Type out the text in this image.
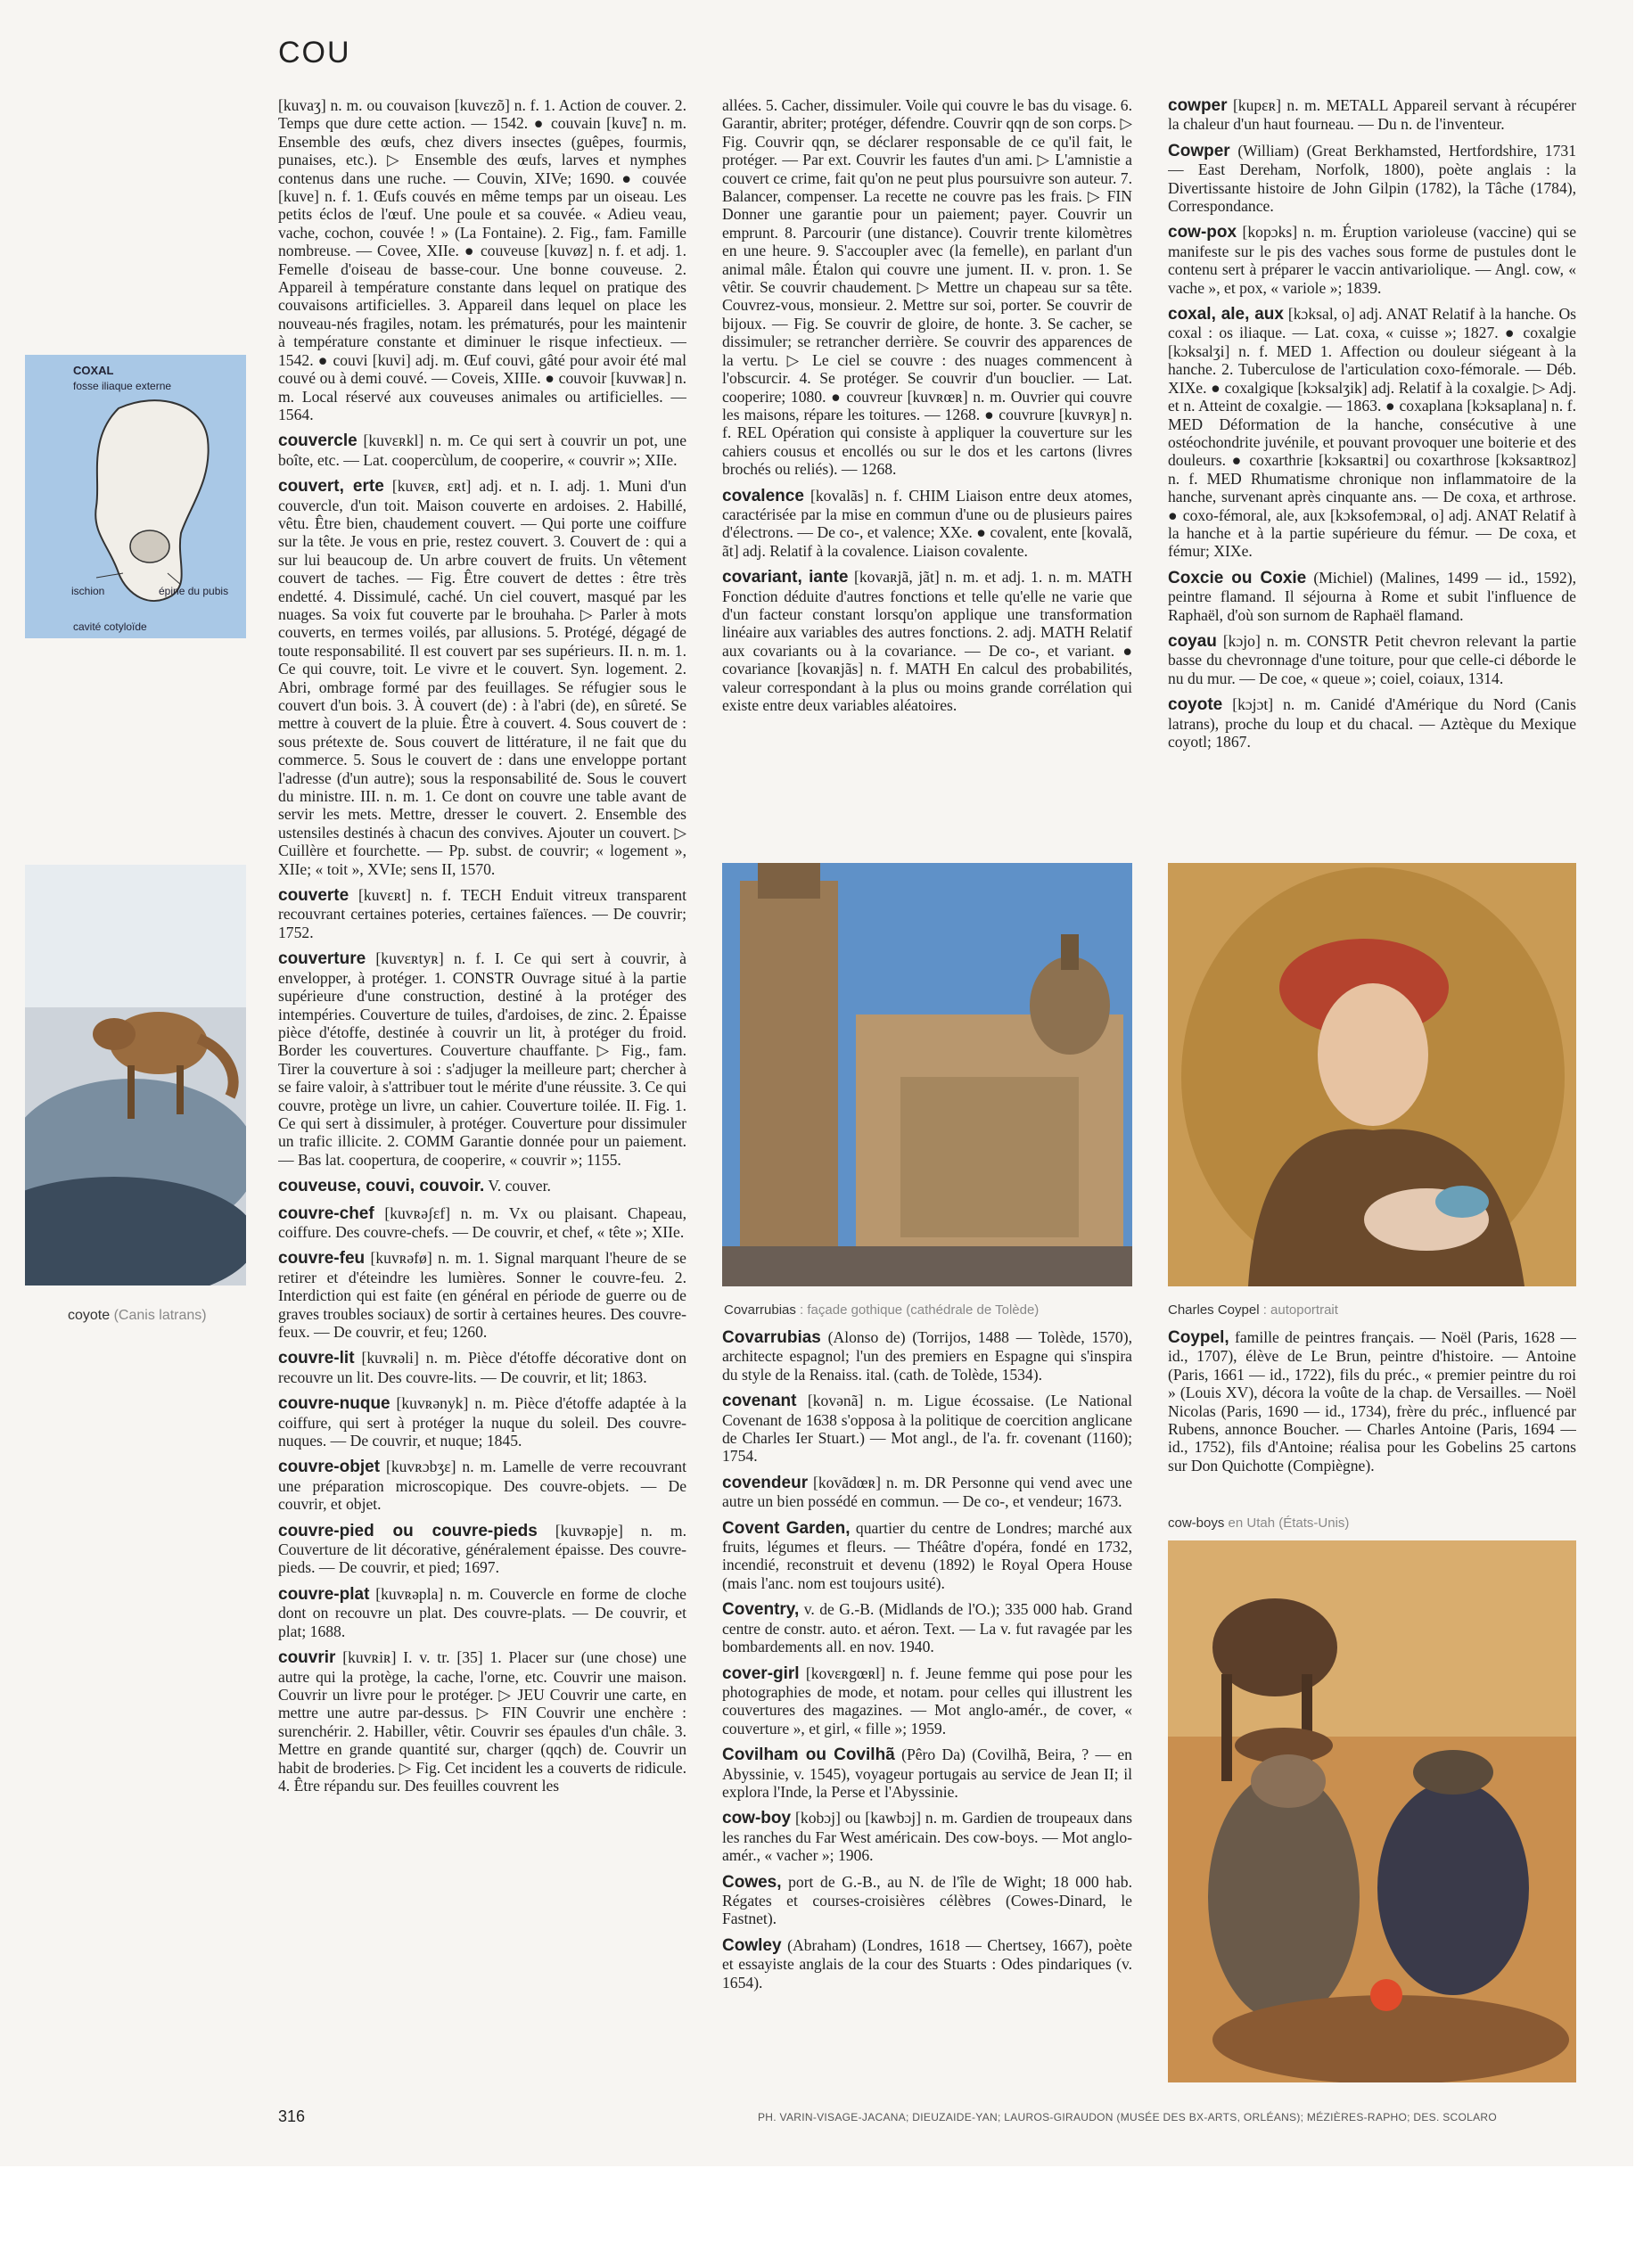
COU
COXAL
fosse iliaque externe
ischion	épine du pubis
cavité cotyloïde
coyote (Canis latrans)

[kuvaʒ] n. m. ou couvaison [kuvεzõ] n. f. 1. Action de couver. 2. Temps que dure cette action. — 1542. ● couvain [kuvε̃] n. m. Ensemble des œufs, chez divers insectes (guêpes, fourmis, punaises, etc.). ▷ Ensemble des œufs, larves et nymphes contenus dans une ruche. — Couvin, XIVe; 1690. ● couvée [kuve] n. f. 1. Œufs couvés en même temps par un oiseau. Les petits éclos de l'œuf. Une poule et sa couvée. « Adieu veau, vache, cochon, couvée ! » (La Fontaine). 2. Fig., fam. Famille nombreuse. — Covee, XIIe. ● couveuse [kuvøz] n. f. et adj. 1. Femelle d'oiseau de basse-cour. Une bonne couveuse. 2. Appareil à température constante dans lequel on pratique des couvaisons artificielles. 3. Appareil dans lequel on place les nouveau-nés fragiles, notam. les prématurés, pour les maintenir à température constante et diminuer le risque infectieux. — 1542. ● couvi [kuvi] adj. m. Œuf couvi, gâté pour avoir été mal couvé ou à demi couvé. — Coveis, XIIIe. ● couvoir [kuvwaʀ] n. m. Local réservé aux couveuses animales ou artificielles. — 1564.

couvercle [kuvεʀkl] n. m. Ce qui sert à couvrir un pot, une boîte, etc. — Lat. coopercùlum, de cooperire, « couvrir »; XIIe.

couvert, erte [kuvεʀ, εʀt] adj. et n. I. adj. 1. Muni d'un couvercle, d'un toit. Maison couverte en ardoises. 2. Habillé, vêtu. Être bien, chaudement couvert. — Qui porte une coiffure sur la tête. Je vous en prie, restez couvert. 3. Couvert de : qui a sur lui beaucoup de. Un arbre couvert de fruits. Un vêtement couvert de taches. — Fig. Être couvert de dettes : être très endetté. 4. Dissimulé, caché. Un ciel couvert, masqué par les nuages. Sa voix fut couverte par le brouhaha. ▷ Parler à mots couverts, en termes voilés, par allusions. 5. Protégé, dégagé de toute responsabilité. Il est couvert par ses supérieurs. II. n. m. 1. Ce qui couvre, toit. Le vivre et le couvert. Syn. logement. 2. Abri, ombrage formé par des feuillages. Se réfugier sous le couvert d'un bois. 3. À couvert (de) : à l'abri (de), en sûreté. Se mettre à couvert de la pluie. Être à couvert. 4. Sous couvert de : sous prétexte de. Sous couvert de littérature, il ne fait que du commerce. 5. Sous le couvert de : dans une enveloppe portant l'adresse (d'un autre); sous la responsabilité de. Sous le couvert du ministre. III. n. m. 1. Ce dont on couvre une table avant de servir les mets. Mettre, dresser le couvert. 2. Ensemble des ustensiles destinés à chacun des convives. Ajouter un couvert. ▷ Cuillère et fourchette. — Pp. subst. de couvrir; « logement », XIIe; « toit », XVIe; sens II, 1570.

couverte [kuvεʀt] n. f. TECH Enduit vitreux transparent recouvrant certaines poteries, certaines faïences. — De couvrir; 1752.

couverture [kuvεʀtyʀ] n. f. I. Ce qui sert à couvrir, à envelopper, à protéger. 1. CONSTR Ouvrage situé à la partie supérieure d'une construction, destiné à la protéger des intempéries. Couverture de tuiles, d'ardoises, de zinc. 2. Épaisse pièce d'étoffe, destinée à couvrir un lit, à protéger du froid. Border les couvertures. Couverture chauffante. ▷ Fig., fam. Tirer la couverture à soi : s'adjuger la meilleure part; chercher à se faire valoir, à s'attribuer tout le mérite d'une réussite. 3. Ce qui couvre, protège un livre, un cahier. Couverture toilée. II. Fig. 1. Ce qui sert à dissimuler, à protéger. Couverture pour dissimuler un trafic illicite. 2. COMM Garantie donnée pour un paiement. — Bas lat. coopertura, de cooperire, « couvrir »; 1155.

couveuse, couvi, couvoir. V. couver.

couvre-chef [kuvʀəʃεf] n. m. Vx ou plaisant. Chapeau, coiffure. Des couvre-chefs. — De couvrir, et chef, « tête »; XIIe.

couvre-feu [kuvʀəfø] n. m. 1. Signal marquant l'heure de se retirer et d'éteindre les lumières. Sonner le couvre-feu. 2. Interdiction qui est faite (en général en période de guerre ou de graves troubles sociaux) de sortir à certaines heures. Des couvre-feux. — De couvrir, et feu; 1260.

couvre-lit [kuvʀəli] n. m. Pièce d'étoffe décorative dont on recouvre un lit. Des couvre-lits. — De couvrir, et lit; 1863.

couvre-nuque [kuvʀənyk] n. m. Pièce d'étoffe adaptée à la coiffure, qui sert à protéger la nuque du soleil. Des couvre-nuques. — De couvrir, et nuque; 1845.

couvre-objet [kuvʀɔbʒε] n. m. Lamelle de verre recouvrant une préparation microscopique. Des couvre-objets. — De couvrir, et objet.

couvre-pied ou couvre-pieds [kuvʀəpje] n. m. Couverture de lit décorative, généralement épaisse. Des couvre-pieds. — De couvrir, et pied; 1697.

couvre-plat [kuvʀəpla] n. m. Couvercle en forme de cloche dont on recouvre un plat. Des couvre-plats. — De couvrir, et plat; 1688.

couvrir [kuvʀiʀ] I. v. tr. [35] 1. Placer sur (une chose) une autre qui la protège, la cache, l'orne, etc. Couvrir une maison. Couvrir un livre pour le protéger. ▷ JEU Couvrir une carte, en mettre une autre par-dessus. ▷ FIN Couvrir une enchère : surenchérir. 2. Habiller, vêtir. Couvrir ses épaules d'un châle. 3. Mettre en grande quantité sur, charger (qqch) de. Couvrir un habit de broderies. ▷ Fig. Cet incident les a couverts de ridicule. 4. Être répandu sur. Des feuilles couvrent les

allées. 5. Cacher, dissimuler. Voile qui couvre le bas du visage. 6. Garantir, abriter; protéger, défendre. Couvrir qqn de son corps. ▷ Fig. Couvrir qqn, se déclarer responsable de ce qu'il fait, le protéger. — Par ext. Couvrir les fautes d'un ami. ▷ L'amnistie a couvert ce crime, fait qu'on ne peut plus poursuivre son auteur. 7. Balancer, compenser. La recette ne couvre pas les frais. ▷ FIN Donner une garantie pour un paiement; payer. Couvrir un emprunt. 8. Parcourir (une distance). Couvrir trente kilomètres en une heure. 9. S'accoupler avec (la femelle), en parlant d'un animal mâle. Étalon qui couvre une jument. II. v. pron. 1. Se vêtir. Se couvrir chaudement. ▷ Mettre un chapeau sur sa tête. Couvrez-vous, monsieur. 2. Mettre sur soi, porter. Se couvrir de bijoux. — Fig. Se couvrir de gloire, de honte. 3. Se cacher, se dissimuler; se retrancher derrière. Se couvrir des apparences de la vertu. ▷ Le ciel se couvre : des nuages commencent à l'obscurcir. 4. Se protéger. Se couvrir d'un bouclier. — Lat. cooperire; 1080. ● couvreur [kuvʀœʀ] n. m. Ouvrier qui couvre les maisons, répare les toitures. — 1268. ● couvrure [kuvʀyʀ] n. f. REL Opération qui consiste à appliquer la couverture sur les cahiers cousus et encollés ou sur le dos et les cartons (livres brochés ou reliés). — 1268.

covalence [kovalãs] n. f. CHIM Liaison entre deux atomes, caractérisée par la mise en commun d'une ou de plusieurs paires d'électrons. — De co-, et valence; XXe. ● covalent, ente [kovalã, ãt] adj. Relatif à la covalence. Liaison covalente.

covariant, iante [kovaʀjã, jãt] n. m. et adj. 1. n. m. MATH Fonction déduite d'autres fonctions et telle qu'elle ne varie que d'un facteur constant lorsqu'on applique une transformation linéaire aux variables des autres fonctions. 2. adj. MATH Relatif aux covariants ou à la covariance. — De co-, et variant. ● covariance [kovaʀjãs] n. f. MATH En calcul des probabilités, valeur correspondant à la plus ou moins grande corrélation qui existe entre deux variables aléatoires.

Covarrubias : façade gothique (cathédrale de Tolède)

Covarrubias (Alonso de) (Torrijos, 1488 — Tolède, 1570), architecte espagnol; l'un des premiers en Espagne qui s'inspira du style de la Renaiss. ital. (cath. de Tolède, 1534).

covenant [kovənã] n. m. Ligue écossaise. (Le National Covenant de 1638 s'opposa à la politique de coercition anglicane de Charles Ier Stuart.) — Mot angl., de l'a. fr. covenant (1160); 1754.

covendeur [kovãdœʀ] n. m. DR Personne qui vend avec une autre un bien possédé en commun. — De co-, et vendeur; 1673.

Covent Garden, quartier du centre de Londres; marché aux fruits, légumes et fleurs. — Théâtre d'opéra, fondé en 1732, incendié, reconstruit et devenu (1892) le Royal Opera House (mais l'anc. nom est toujours usité).

Coventry, v. de G.-B. (Midlands de l'O.); 335 000 hab. Grand centre de constr. auto. et aéron. Text. — La v. fut ravagée par les bombardements all. en nov. 1940.

cover-girl [kovεʀgœʀl] n. f. Jeune femme qui pose pour les photographies de mode, et notam. pour celles qui illustrent les couvertures des magazines. — Mot anglo-amér., de cover, « couverture », et girl, « fille »; 1959.

Covilham ou Covilhã (Pêro Da) (Covilhã, Beira, ? — en Abyssinie, v. 1545), voyageur portugais au service de Jean II; il explora l'Inde, la Perse et l'Abyssinie.

cow-boy [kobɔj] ou [kawbɔj] n. m. Gardien de troupeaux dans les ranches du Far West américain. Des cow-boys. — Mot anglo-amér., « vacher »; 1906.

Cowes, port de G.-B., au N. de l'île de Wight; 18 000 hab. Régates et courses-croisières célèbres (Cowes-Dinard, le Fastnet).

Cowley (Abraham) (Londres, 1618 — Chertsey, 1667), poète et essayiste anglais de la cour des Stuarts : Odes pindariques (v. 1654).

cowper [kupεʀ] n. m. METALL Appareil servant à récupérer la chaleur d'un haut fourneau. — Du n. de l'inventeur.

Cowper (William) (Great Berkhamsted, Hertfordshire, 1731 — East Dereham, Norfolk, 1800), poète anglais : la Divertissante histoire de John Gilpin (1782), la Tâche (1784), Correspondance.

cow-pox [kopɔks] n. m. Éruption varioleuse (vaccine) qui se manifeste sur le pis des vaches sous forme de pustules dont le contenu sert à préparer le vaccin antivariolique. — Angl. cow, « vache », et pox, « variole »; 1839.

coxal, ale, aux [kɔksal, o] adj. ANAT Relatif à la hanche. Os coxal : os iliaque. — Lat. coxa, « cuisse »; 1827. ● coxalgie [kɔksalʒi] n. f. MED 1. Affection ou douleur siégeant à la hanche. 2. Tuberculose de l'articulation coxo-fémorale. — Déb. XIXe. ● coxalgique [kɔksalʒik] adj. Relatif à la coxalgie. ▷ Adj. et n. Atteint de coxalgie. — 1863. ● coxaplana [kɔksaplana] n. f. MED Déformation de la hanche, consécutive à une ostéochondrite juvénile, et pouvant provoquer une boiterie et des douleurs. ● coxarthrie [kɔksaʀtʀi] ou coxarthrose [kɔksaʀtʀoz] n. f. MED Rhumatisme chronique non inflammatoire de la hanche, survenant après cinquante ans. — De coxa, et arthrose. ● coxo-fémoral, ale, aux [kɔksofemɔʀal, o] adj. ANAT Relatif à la hanche et à la partie supérieure du fémur. — De coxa, et fémur; XIXe.

Coxcie ou Coxie (Michiel) (Malines, 1499 — id., 1592), peintre flamand. Il séjourna à Rome et subit l'influence de Raphaël, d'où son surnom de Raphaël flamand.

coyau [kɔjo] n. m. CONSTR Petit chevron relevant la partie basse du chevronnage d'une toiture, pour que celle-ci déborde le nu du mur. — De coe, « queue »; coiel, coiaux, 1314.

coyote [kɔjɔt] n. m. Canidé d'Amérique du Nord (Canis latrans), proche du loup et du chacal. — Aztèque du Mexique coyotl; 1867.

Charles Coypel : autoportrait

Coypel, famille de peintres français. — Noël (Paris, 1628 — id., 1707), élève de Le Brun, peintre d'histoire. — Antoine (Paris, 1661 — id., 1722), fils du préc., « premier peintre du roi » (Louis XV), décora la voûte de la chap. de Versailles. — Noël Nicolas (Paris, 1690 — id., 1734), frère du préc., influencé par Rubens, annonce Boucher. — Charles Antoine (Paris, 1694 — id., 1752), fils d'Antoine; réalisa pour les Gobelins 25 cartons sur Don Quichotte (Compiègne).

cow-boys en Utah (États-Unis)
316	PH. VARIN-VISAGE-JACANA; DIEUZAIDE-YAN; LAUROS-GIRAUDON (MUSÉE DES BX-ARTS, ORLÉANS); MÉZIÈRES-RAPHO; DES. SCOLARO
